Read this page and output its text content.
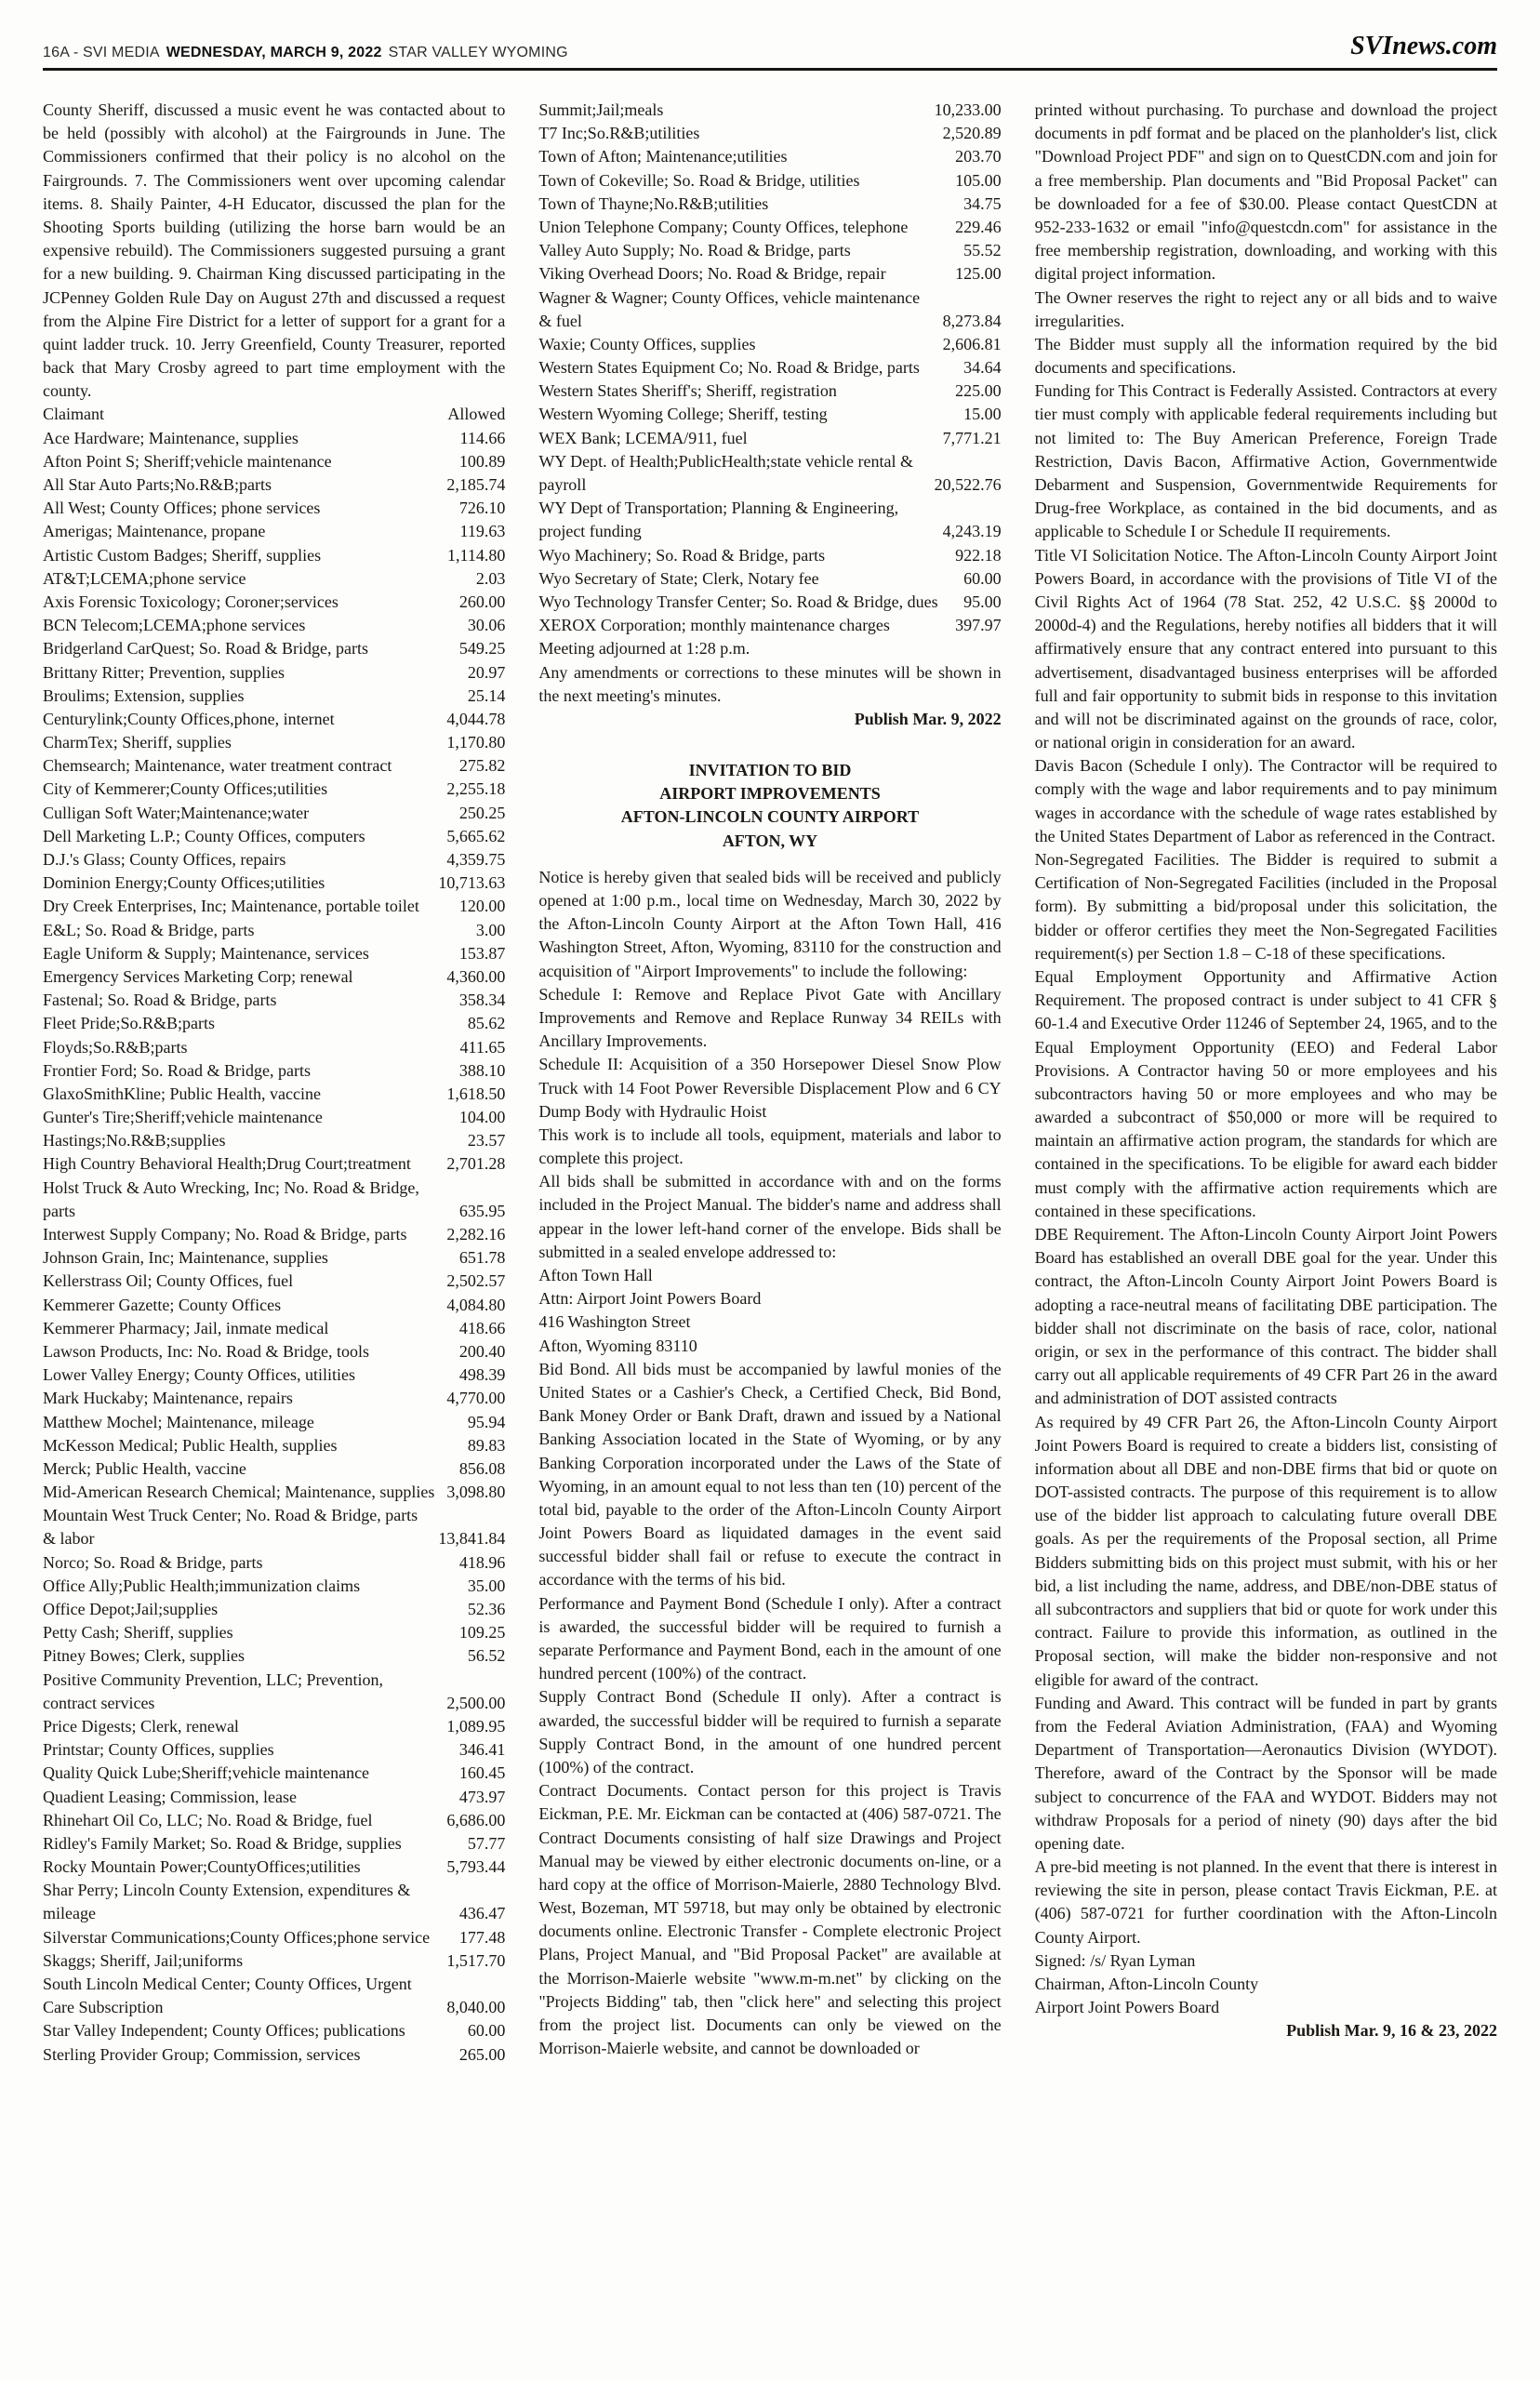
16A - SVI MEDIA WEDNESDAY, MARCH 9, 2022 STAR VALLEY WYOMING	SVInews.com

County Sheriff, discussed a music event he was contacted about to be held (possibly with alcohol) at the Fairgrounds in June. The Commissioners confirmed that their policy is no alcohol on the Fairgrounds. 7. The Commissioners went over upcoming calendar items. 8. Shaily Painter, 4-H Educator, discussed the plan for the Shooting Sports building (utilizing the horse barn would be an expensive rebuild). The Commissioners suggested pursuing a grant for a new building. 9. Chairman King discussed participating in the JCPenney Golden Rule Day on August 27th and discussed a request from the Alpine Fire District for a letter of support for a grant for a quint ladder truck. 10. Jerry Greenfield, County Treasurer, reported back that Mary Crosby agreed to part time employment with the county.

Claimant	Allowed
Ace Hardware; Maintenance, supplies	114.66
Afton Point S; Sheriff;vehicle maintenance	100.89
All Star Auto Parts;No.R&B;parts	2,185.74
All West; County Offices; phone services	726.10
Amerigas; Maintenance, propane	119.63
Artistic Custom Badges; Sheriff, supplies	1,114.80
AT&T;LCEMA;phone service	2.03
Axis Forensic Toxicology; Coroner;services	260.00
BCN Telecom;LCEMA;phone services	30.06
Bridgerland CarQuest; So. Road & Bridge, parts	549.25
Brittany Ritter; Prevention, supplies	20.97
Broulims; Extension, supplies	25.14
Centurylink;County Offices,phone, internet	4,044.78
CharmTex; Sheriff, supplies	1,170.80
Chemsearch; Maintenance, water treatment contract	275.82
City of Kemmerer;County Offices;utilities	2,255.18
Culligan Soft Water;Maintenance;water	250.25
Dell Marketing L.P.; County Offices, computers	5,665.62
D.J.'s Glass; County Offices, repairs	4,359.75
Dominion Energy;County Offices;utilities	10,713.63
Dry Creek Enterprises, Inc; Maintenance, portable toilet	120.00
E&L; So. Road & Bridge, parts	3.00
Eagle Uniform & Supply; Maintenance, services	153.87
Emergency Services Marketing Corp; renewal	4,360.00
Fastenal; So. Road & Bridge, parts	358.34
Fleet Pride;So.R&B;parts	85.62
Floyds;So.R&B;parts	411.65
Frontier Ford; So. Road & Bridge, parts	388.10
GlaxoSmithKline; Public Health, vaccine	1,618.50
Gunter's Tire;Sheriff;vehicle maintenance	104.00
Hastings;No.R&B;supplies	23.57
High Country Behavioral Health;Drug Court;treatment	2,701.28
Holst Truck & Auto Wrecking, Inc; No. Road & Bridge, parts	635.95
Interwest Supply Company; No. Road & Bridge, parts	2,282.16
Johnson Grain, Inc; Maintenance, supplies	651.78
Kellerstrass Oil; County Offices, fuel	2,502.57
Kemmerer Gazette; County Offices	4,084.80
Kemmerer Pharmacy; Jail, inmate medical	418.66
Lawson Products, Inc: No. Road & Bridge, tools	200.40
Lower Valley Energy; County Offices, utilities	498.39
Mark Huckaby; Maintenance, repairs	4,770.00
Matthew Mochel; Maintenance, mileage	95.94
McKesson Medical; Public Health, supplies	89.83
Merck; Public Health, vaccine	856.08
Mid-American Research Chemical; Maintenance, supplies 3,098.80
Mountain West Truck Center; No. Road & Bridge, parts & labor	13,841.84
Norco; So. Road & Bridge, parts	418.96
Office Ally;Public Health;immunization claims	35.00
Office Depot;Jail;supplies	52.36
Petty Cash; Sheriff, supplies	109.25
Pitney Bowes; Clerk, supplies	56.52
Positive Community Prevention, LLC; Prevention, contract services	2,500.00
Price Digests; Clerk, renewal	1,089.95
Printstar; County Offices, supplies	346.41
Quality Quick Lube;Sheriff;vehicle maintenance	160.45
Quadient Leasing; Commission, lease	473.97
Rhinehart Oil Co, LLC; No. Road & Bridge, fuel	6,686.00
Ridley's Family Market; So. Road & Bridge, supplies	57.77
Rocky Mountain Power;CountyOffices;utilities	5,793.44
Shar Perry; Lincoln County Extension, expenditures & mileage	436.47
Silverstar Communications;County Offices;phone service	177.48
Skaggs; Sheriff, Jail;uniforms	1,517.70
South Lincoln Medical Center; County Offices, Urgent Care Subscription	8,040.00
Star Valley Independent; County Offices; publications	60.00
Sterling Provider Group; Commission, services	265.00
Summit;Jail;meals	10,233.00
T7 Inc;So.R&B;utilities	2,520.89
Town of Afton; Maintenance;utilities	203.70
Town of Cokeville; So. Road & Bridge, utilities	105.00
Town of Thayne;No.R&B;utilities	34.75
Union Telephone Company; County Offices, telephone	229.46
Valley Auto Supply; No. Road & Bridge, parts	55.52
Viking Overhead Doors; No. Road & Bridge, repair	125.00
Wagner & Wagner; County Offices, vehicle maintenance & fuel	8,273.84
Waxie; County Offices, supplies	2,606.81
Western States Equipment Co; No. Road & Bridge, parts	34.64
Western States Sheriff's; Sheriff, registration	225.00
Western Wyoming College; Sheriff, testing	15.00
WEX Bank; LCEMA/911, fuel	7,771.21
WY Dept. of Health;PublicHealth;state vehicle rental & payroll	20,522.76
WY Dept of Transportation; Planning & Engineering, project funding	4,243.19
Wyo Machinery; So. Road & Bridge, parts	922.18
Wyo Secretary of State; Clerk, Notary fee	60.00
Wyo Technology Transfer Center; So. Road & Bridge, dues	95.00
XEROX Corporation; monthly maintenance charges	397.97

Meeting adjourned at 1:28 p.m.

Any amendments or corrections to these minutes will be shown in the next meeting's minutes.

Publish Mar. 9, 2022
INVITATION TO BID
AIRPORT IMPROVEMENTS
AFTON-LINCOLN COUNTY AIRPORT
AFTON, WY

Notice is hereby given that sealed bids will be received and publicly opened at 1:00 p.m., local time on Wednesday, March 30, 2022 by the Afton-Lincoln County Airport at the Afton Town Hall, 416 Washington Street, Afton, Wyoming, 83110 for the construction and acquisition of "Airport Improvements" to include the following:

Schedule I: Remove and Replace Pivot Gate with Ancillary Improvements and Remove and Replace Runway 34 REILs with Ancillary Improvements.

Schedule II: Acquisition of a 350 Horsepower Diesel Snow Plow Truck with 14 Foot Power Reversible Displacement Plow and 6 CY Dump Body with Hydraulic Hoist

This work is to include all tools, equipment, materials and labor to complete this project.

All bids shall be submitted in accordance with and on the forms included in the Project Manual. The bidder's name and address shall appear in the lower left-hand corner of the envelope. Bids shall be submitted in a sealed envelope addressed to:

Afton Town Hall

Attn: Airport Joint Powers Board

416 Washington Street

Afton, Wyoming 83110

Bid Bond. All bids must be accompanied by lawful monies of the United States or a Cashier's Check, a Certified Check, Bid Bond, Bank Money Order or Bank Draft, drawn and issued by a National Banking Association located in the State of Wyoming, or by any Banking Corporation incorporated under the Laws of the State of Wyoming, in an amount equal to not less than ten (10) percent of the total bid, payable to the order of the Afton-Lincoln County Airport Joint Powers Board as liquidated damages in the event said successful bidder shall fail or refuse to execute the contract in accordance with the terms of his bid.

Performance and Payment Bond (Schedule I only). After a contract is awarded, the successful bidder will be required to furnish a separate Performance and Payment Bond, each in the amount of one hundred percent (100%) of the contract.

Supply Contract Bond (Schedule II only). After a contract is awarded, the successful bidder will be required to furnish a separate Supply Contract Bond, in the amount of one hundred percent (100%) of the contract.

Contract Documents. Contact person for this project is Travis Eickman, P.E. Mr. Eickman can be contacted at (406) 587-0721. The Contract Documents consisting of half size Drawings and Project Manual may be viewed by either electronic documents on-line, or a hard copy at the office of Morrison-Maierle, 2880 Technology Blvd. West, Bozeman, MT 59718, but may only be obtained by electronic documents online. Electronic Transfer - Complete electronic Project Plans, Project Manual, and "Bid Proposal Packet" are available at the Morrison-Maierle website "www.m-m.net" by clicking on the "Projects Bidding" tab, then "click here" and selecting this project from the project list. Documents can only be viewed on the Morrison-Maierle website, and cannot be downloaded or

printed without purchasing. To purchase and download the project documents in pdf format and be placed on the planholder's list, click "Download Project PDF" and sign on to QuestCDN.com and join for a free membership. Plan documents and "Bid Proposal Packet" can be downloaded for a fee of $30.00. Please contact QuestCDN at 952-233-1632 or email "info@questcdn.com" for assistance in the free membership registration, downloading, and working with this digital project information.

The Owner reserves the right to reject any or all bids and to waive irregularities.

The Bidder must supply all the information required by the bid documents and specifications.

Funding for This Contract is Federally Assisted. Contractors at every tier must comply with applicable federal requirements including but not limited to: The Buy American Preference, Foreign Trade Restriction, Davis Bacon, Affirmative Action, Governmentwide Debarment and Suspension, Governmentwide Requirements for Drug-free Workplace, as contained in the bid documents, and as applicable to Schedule I or Schedule II requirements.

Title VI Solicitation Notice. The Afton-Lincoln County Airport Joint Powers Board, in accordance with the provisions of Title VI of the Civil Rights Act of 1964 (78 Stat. 252, 42 U.S.C. §§ 2000d to 2000d-4) and the Regulations, hereby notifies all bidders that it will affirmatively ensure that any contract entered into pursuant to this advertisement, disadvantaged business enterprises will be afforded full and fair opportunity to submit bids in response to this invitation and will not be discriminated against on the grounds of race, color, or national origin in consideration for an award.

Davis Bacon (Schedule I only). The Contractor will be required to comply with the wage and labor requirements and to pay minimum wages in accordance with the schedule of wage rates established by the United States Department of Labor as referenced in the Contract.

Non-Segregated Facilities. The Bidder is required to submit a Certification of Non-Segregated Facilities (included in the Proposal form). By submitting a bid/proposal under this solicitation, the bidder or offeror certifies they meet the Non-Segregated Facilities requirement(s) per Section 1.8 – C-18 of these specifications.

Equal Employment Opportunity and Affirmative Action Requirement. The proposed contract is under subject to 41 CFR § 60-1.4 and Executive Order 11246 of September 24, 1965, and to the Equal Employment Opportunity (EEO) and Federal Labor Provisions. A Contractor having 50 or more employees and his subcontractors having 50 or more employees and who may be awarded a subcontract of $50,000 or more will be required to maintain an affirmative action program, the standards for which are contained in the specifications. To be eligible for award each bidder must comply with the affirmative action requirements which are contained in these specifications.

DBE Requirement. The Afton-Lincoln County Airport Joint Powers Board has established an overall DBE goal for the year. Under this contract, the Afton-Lincoln County Airport Joint Powers Board is adopting a race-neutral means of facilitating DBE participation. The bidder shall not discriminate on the basis of race, color, national origin, or sex in the performance of this contract. The bidder shall carry out all applicable requirements of 49 CFR Part 26 in the award and administration of DOT assisted contracts

As required by 49 CFR Part 26, the Afton-Lincoln County Airport Joint Powers Board is required to create a bidders list, consisting of information about all DBE and non-DBE firms that bid or quote on DOT-assisted contracts. The purpose of this requirement is to allow use of the bidder list approach to calculating future overall DBE goals. As per the requirements of the Proposal section, all Prime Bidders submitting bids on this project must submit, with his or her bid, a list including the name, address, and DBE/non-DBE status of all subcontractors and suppliers that bid or quote for work under this contract. Failure to provide this information, as outlined in the Proposal section, will make the bidder non-responsive and not eligible for award of the contract.

Funding and Award. This contract will be funded in part by grants from the Federal Aviation Administration, (FAA) and Wyoming Department of Transportation—Aeronautics Division (WYDOT). Therefore, award of the Contract by the Sponsor will be made subject to concurrence of the FAA and WYDOT. Bidders may not withdraw Proposals for a period of ninety (90) days after the bid opening date.

A pre-bid meeting is not planned. In the event that there is interest in reviewing the site in person, please contact Travis Eickman, P.E. at (406) 587-0721 for further coordination with the Afton-Lincoln County Airport.

Signed: /s/ Ryan Lyman

Chairman, Afton-Lincoln County

Airport Joint Powers Board

Publish Mar. 9, 16 & 23, 2022
